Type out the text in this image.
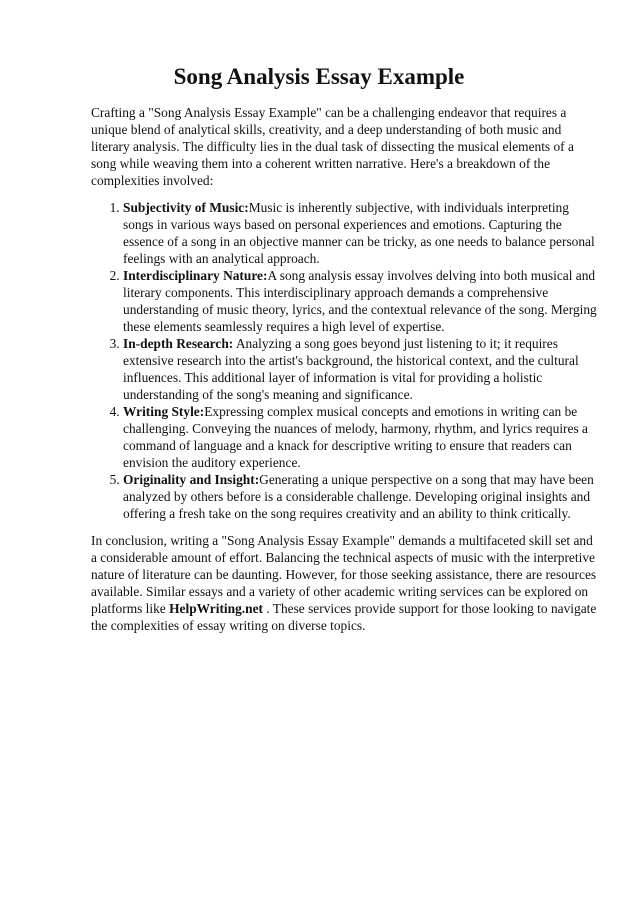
Song Analysis Essay Example

Crafting a "Song Analysis Essay Example" can be a challenging endeavor that requires a unique blend of analytical skills, creativity, and a deep understanding of both music and literary analysis. The difficulty lies in the dual task of dissecting the musical elements of a song while weaving them into a coherent written narrative. Here's a breakdown of the complexities involved:

1. Subjectivity of Music:Music is inherently subjective, with individuals interpreting songs in various ways based on personal experiences and emotions. Capturing the essence of a song in an objective manner can be tricky, as one needs to balance personal feelings with an analytical approach.
2. Interdisciplinary Nature:A song analysis essay involves delving into both musical and literary components. This interdisciplinary approach demands a comprehensive understanding of music theory, lyrics, and the contextual relevance of the song. Merging these elements seamlessly requires a high level of expertise.
3. In-depth Research: Analyzing a song goes beyond just listening to it; it requires extensive research into the artist's background, the historical context, and the cultural influences. This additional layer of information is vital for providing a holistic understanding of the song's meaning and significance.
4. Writing Style:Expressing complex musical concepts and emotions in writing can be challenging. Conveying the nuances of melody, harmony, rhythm, and lyrics requires a command of language and a knack for descriptive writing to ensure that readers can envision the auditory experience.
5. Originality and Insight:Generating a unique perspective on a song that may have been analyzed by others before is a considerable challenge. Developing original insights and offering a fresh take on the song requires creativity and an ability to think critically.

In conclusion, writing a "Song Analysis Essay Example" demands a multifaceted skill set and a considerable amount of effort. Balancing the technical aspects of music with the interpretive nature of literature can be daunting. However, for those seeking assistance, there are resources available. Similar essays and a variety of other academic writing services can be explored on platforms like HelpWriting.net . These services provide support for those looking to navigate the complexities of essay writing on diverse topics.
